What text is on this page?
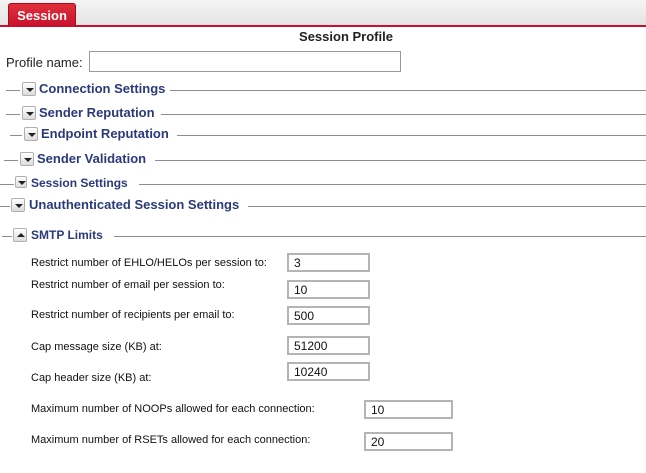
Session
Session Profile
Profile name:
Connection Settings
Sender Reputation
Endpoint Reputation
Sender Validation
Session Settings
Unauthenticated Session Settings
SMTP Limits
Restrict number of EHLO/HELOs per session to:
3
Restrict number of email per session to:
10
Restrict number of recipients per email to:
500
Cap message size (KB) at:
51200
Cap header size (KB) at:
10240
Maximum number of NOOPs allowed for each connection:
10
Maximum number of RSETs allowed for each connection:
20
